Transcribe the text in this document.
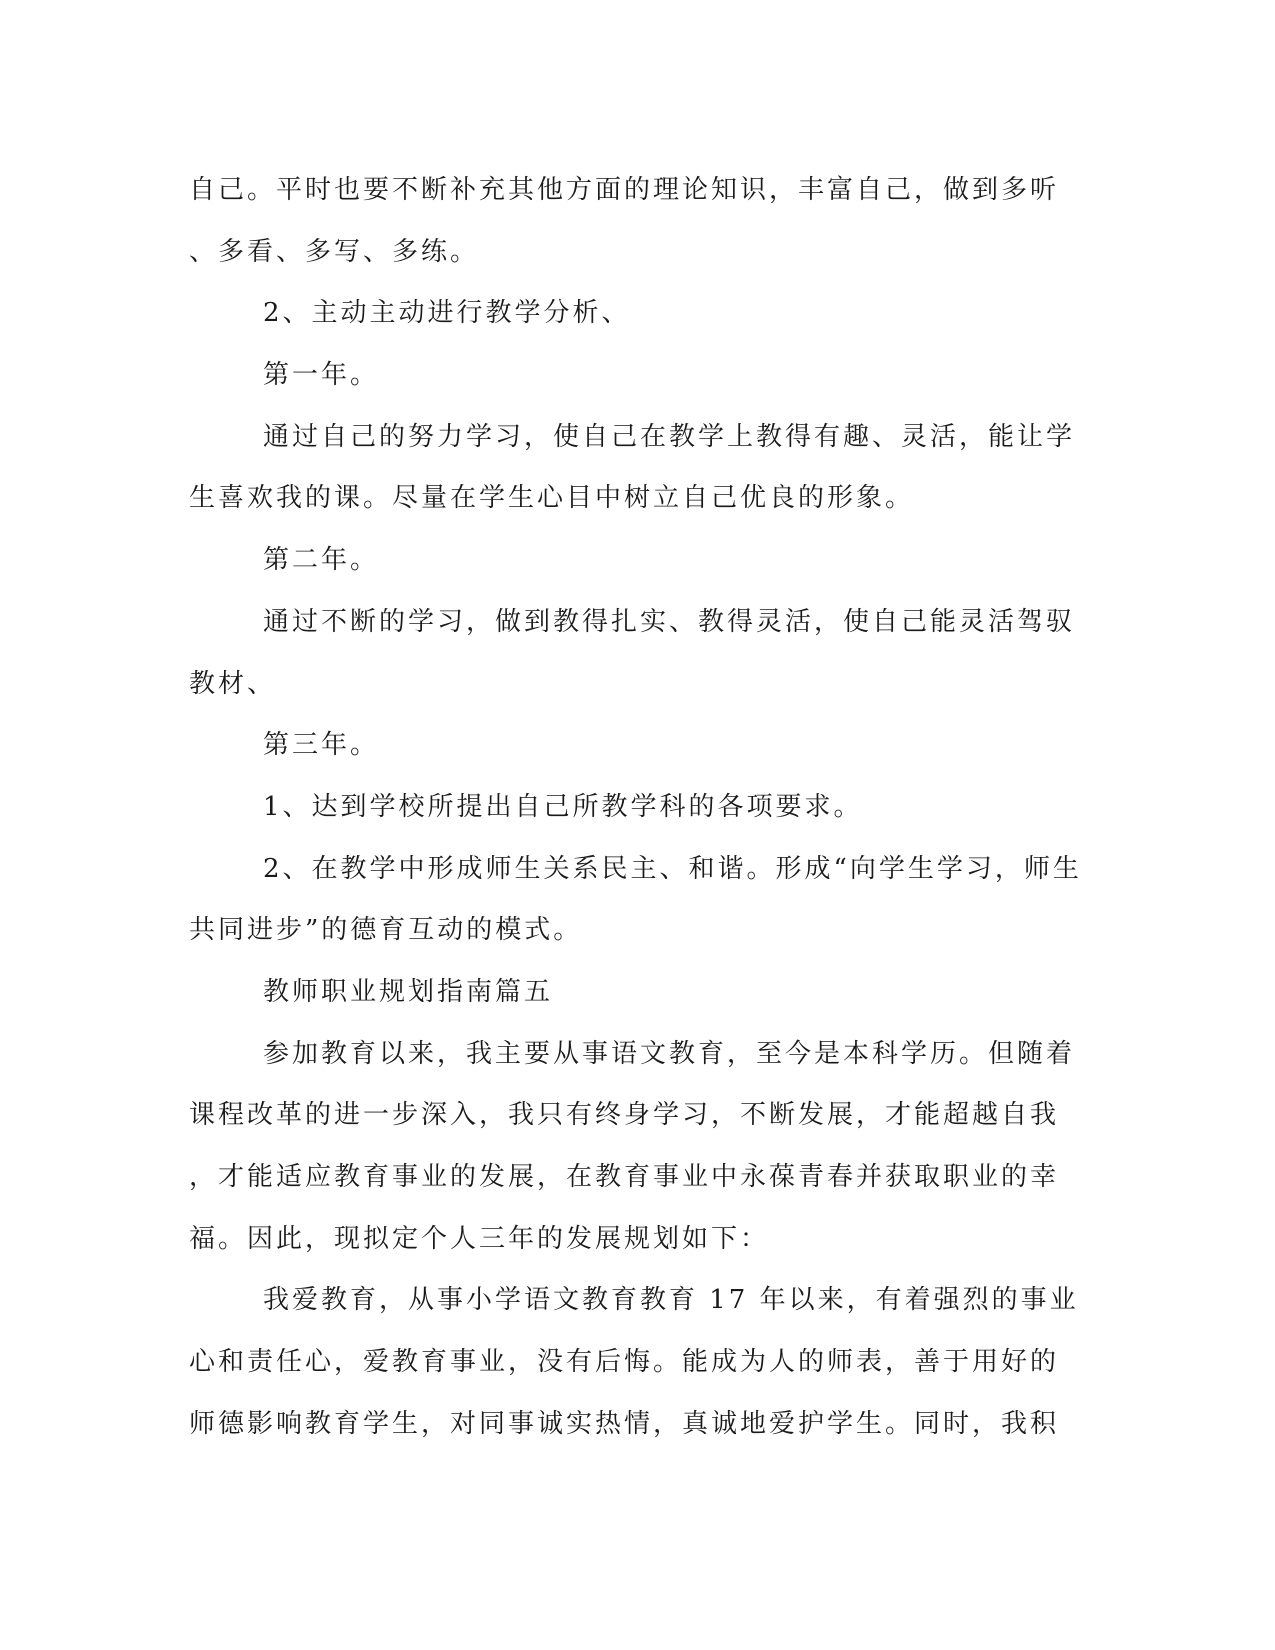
自己。平时也要不断补充其他方面的理论知识，丰富自己，做到多听
、多看、多写、多练。
2、主动主动进行教学分析、
第一年。
通过自己的努力学习，使自己在教学上教得有趣、灵活，能让学
生喜欢我的课。尽量在学生心目中树立自己优良的形象。
第二年。
通过不断的学习，做到教得扎实、教得灵活，使自己能灵活驾驭
教材、
第三年。
1、达到学校所提出自己所教学科的各项要求。
2、在教学中形成师生关系民主、和谐。形成“向学生学习，师生
共同进步”的德育互动的模式。
教师职业规划指南篇五
参加教育以来，我主要从事语文教育，至今是本科学历。但随着
课程改革的进一步深入，我只有终身学习，不断发展，才能超越自我
，才能适应教育事业的发展，在教育事业中永葆青春并获取职业的幸
福。因此，现拟定个人三年的发展规划如下：
我爱教育，从事小学语文教育教育 17 年以来，有着强烈的事业
心和责任心，爱教育事业，没有后悔。能成为人的师表，善于用好的
师德影响教育学生，对同事诚实热情，真诚地爱护学生。同时，我积
